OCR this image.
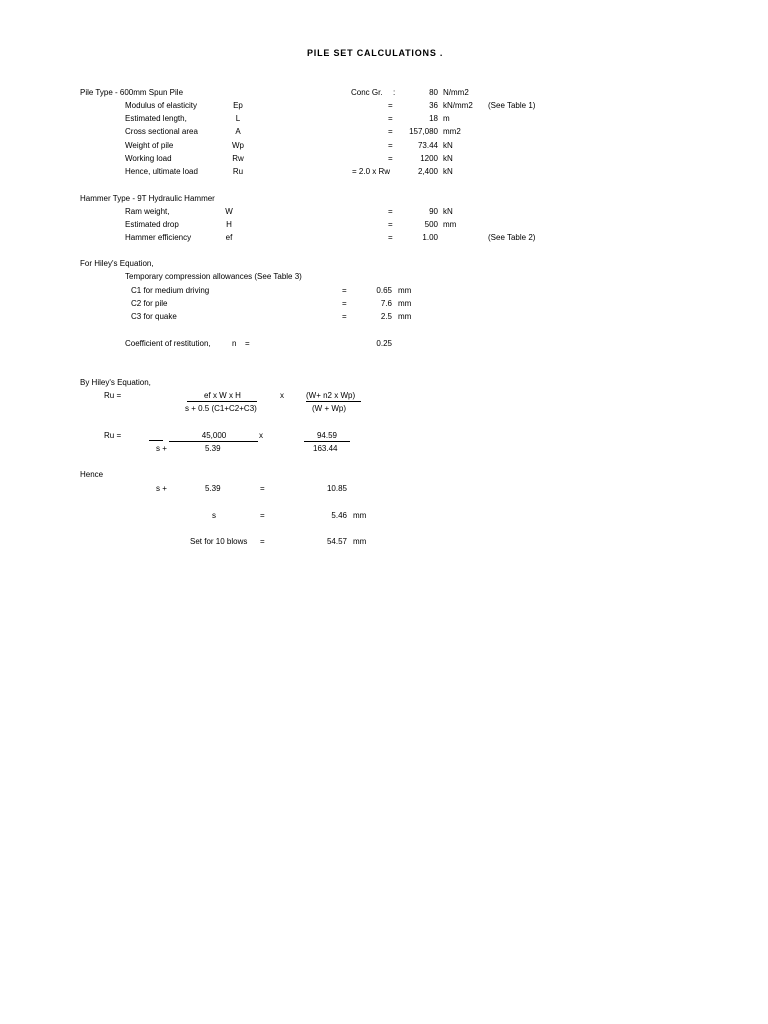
PILE SET CALCULATIONS .
Pile Type - 600mm Spun Pile	Conc Gr. :	80 N/mm2
Modulus of elasticity	Ep	=	36 kN/mm2 (See Table 1)
Estimated length,	L	=	18 m
Cross sectional area	A	=	157,080 mm2
Weight of pile	Wp	=	73.44 kN
Working load	Rw	=	1200 kN
Hence, ultimate load	Ru	= 2.0 x Rw	2,400 kN
Hammer Type - 9T Hydraulic Hammer
Ram weight,	W	=	90 kN
Estimated drop	H	=	500 mm
Hammer efficiency	ef	=	1.00	(See Table 2)
For Hiley's Equation,
Temporary compression allowances (See Table 3)
C1 for medium driving	=	0.65 mm
C2 for pile	=	7.6 mm
C3 for quake	=	2.5 mm
Coefficient of restitution,	n =	0.25
By Hiley's Equation,
Ru =	ef x W x H
s + 0.5 (C1+C2+C3)
x	(W+ n2 x Wp)
(W + Wp)
Ru =	45,000	x	94.59
s +	5.39	163.44
Hence
s +	5.39	=	10.85
s	=	5.46 mm
Set for 10 blows =	54.57 mm
